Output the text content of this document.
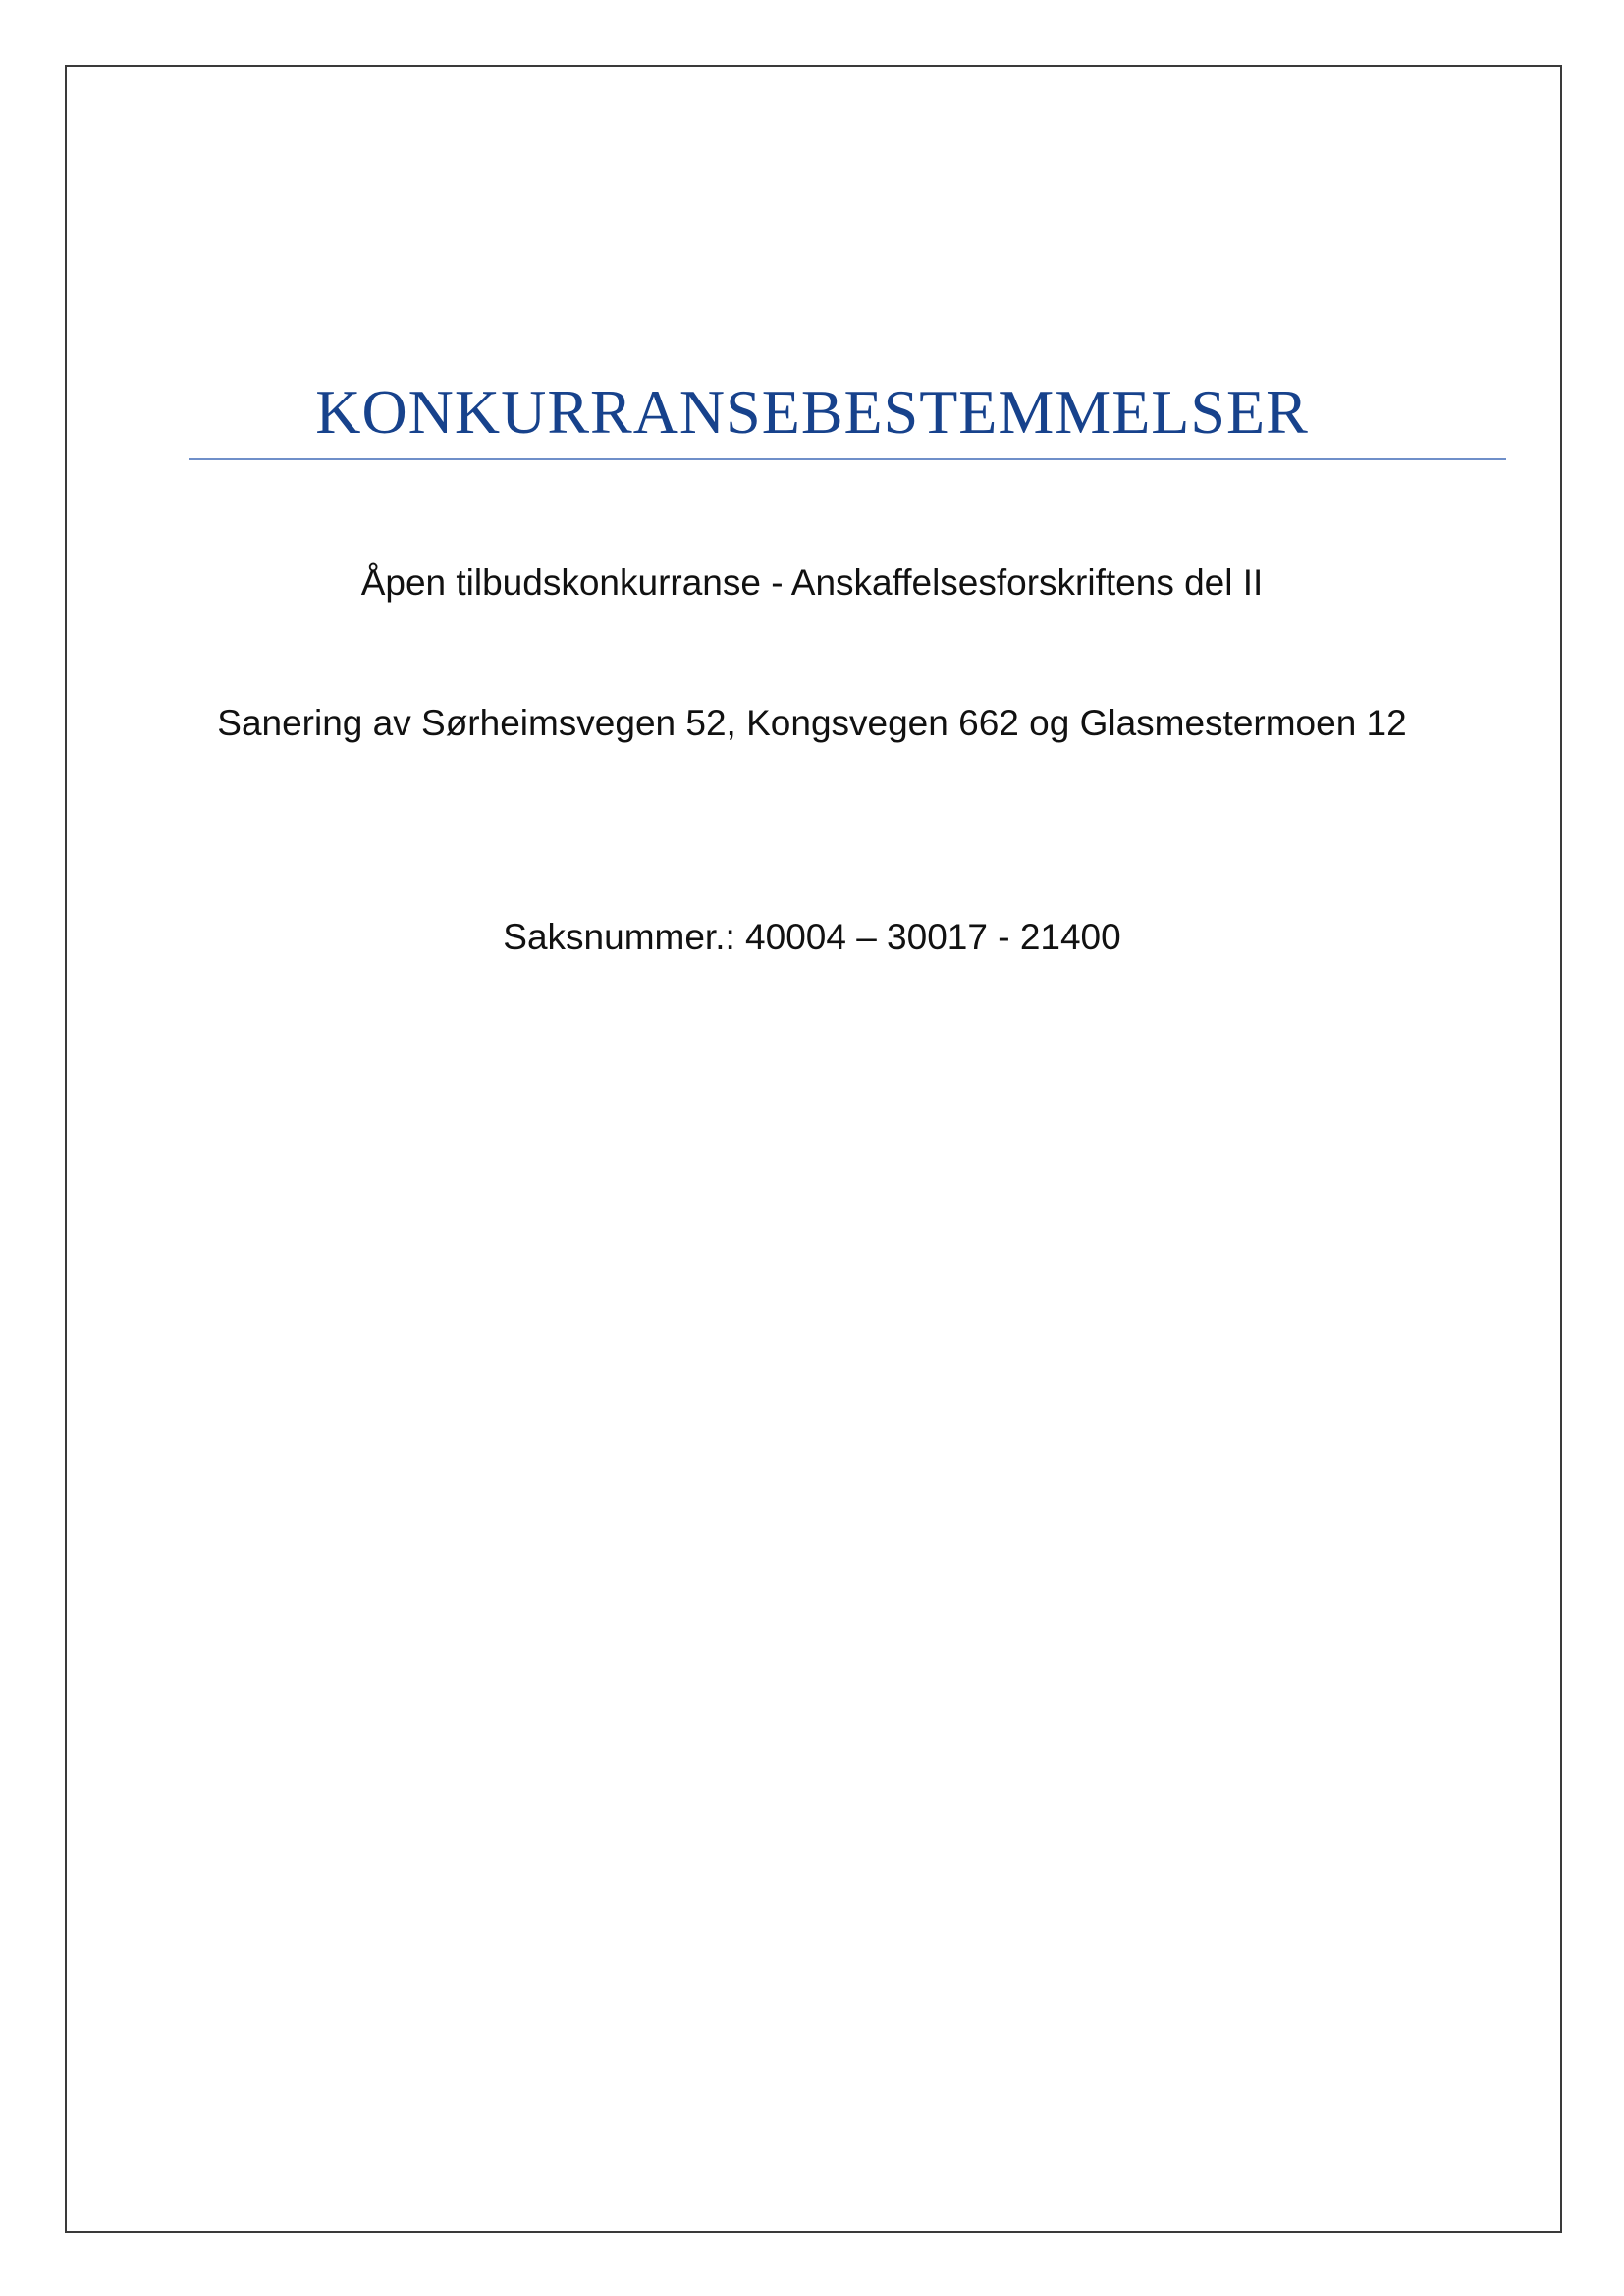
KONKURRANSEBESTEMMELSER

Åpen tilbudskonkurranse - Anskaffelsesforskriftens del II

Sanering av Sørheimsvegen 52, Kongsvegen 662 og Glasmestermoen 12

Saksnummer.: 40004 – 30017 - 21400
